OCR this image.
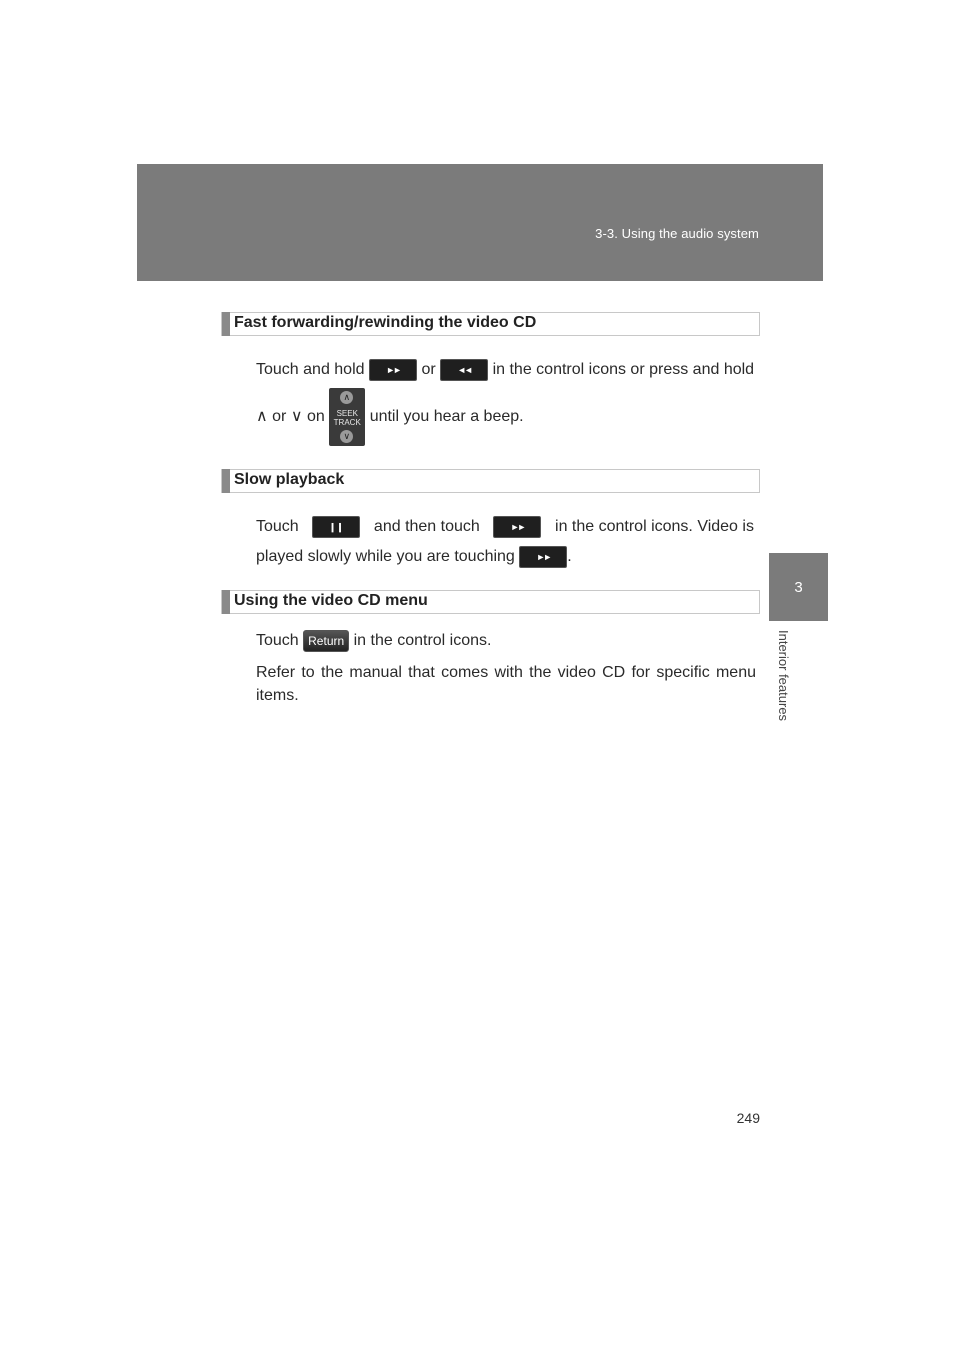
3-3. Using the audio system
3
Interior features
Fast forwarding/rewinding the video CD
Touch and hold ►► or ◄◄ in the control icons or press and hold
∧ or ∨ on
∧
SEEK
TRACK
∨
until you hear a beep.
Slow playback
Touch	❙❙	and then touch	►►	in the control icons. Video is
played slowly while you are touching ►► .
Using the video CD menu
Touch Return in the control icons.
Refer to the manual that comes with the video CD for specific menu items.
249
